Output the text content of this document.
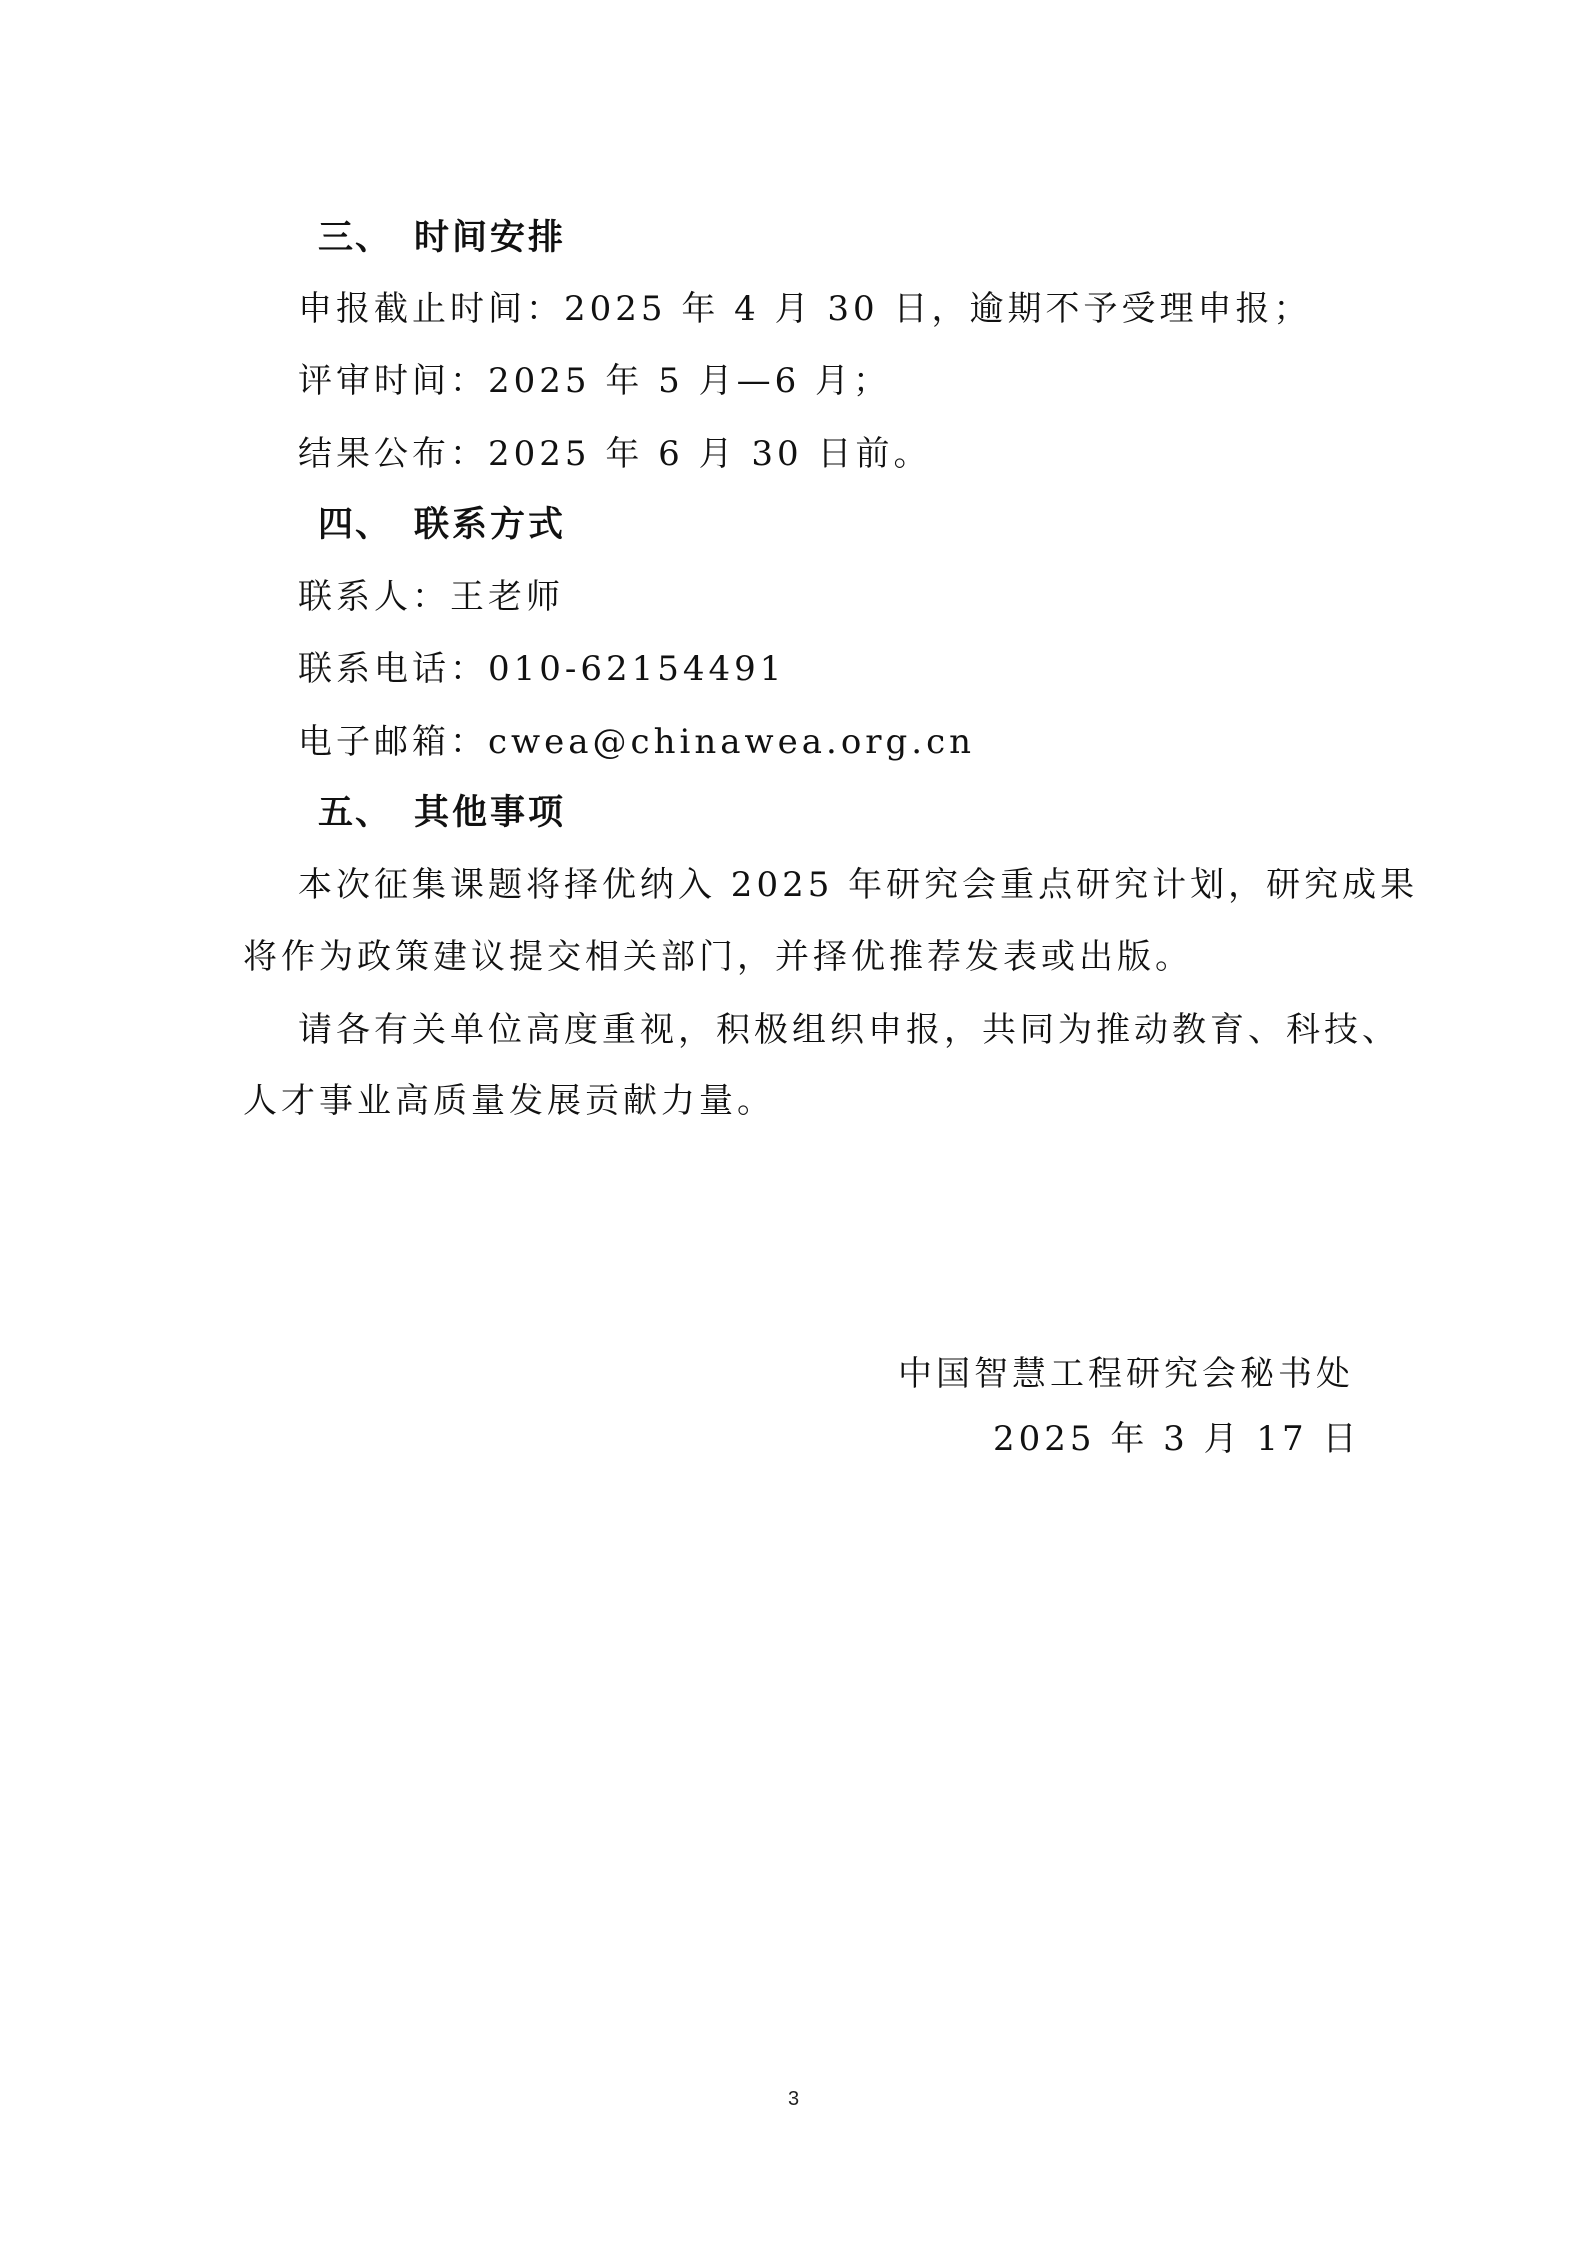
三、 时间安排
申报截止时间：2025 年 4 月 30 日，逾期不予受理申报；
评审时间：2025 年 5 月—6 月；
结果公布：2025 年 6 月 30 日前。
四、 联系方式
联系人：王老师
联系电话：010-62154491
电子邮箱：cwea@chinawea.org.cn
五、 其他事项
本次征集课题将择优纳入 2025 年研究会重点研究计划，研究成果
将作为政策建议提交相关部门，并择优推荐发表或出版。
请各有关单位高度重视，积极组织申报，共同为推动教育、科技、
人才事业高质量发展贡献力量。
中国智慧工程研究会秘书处
2025 年 3 月 17 日
3
